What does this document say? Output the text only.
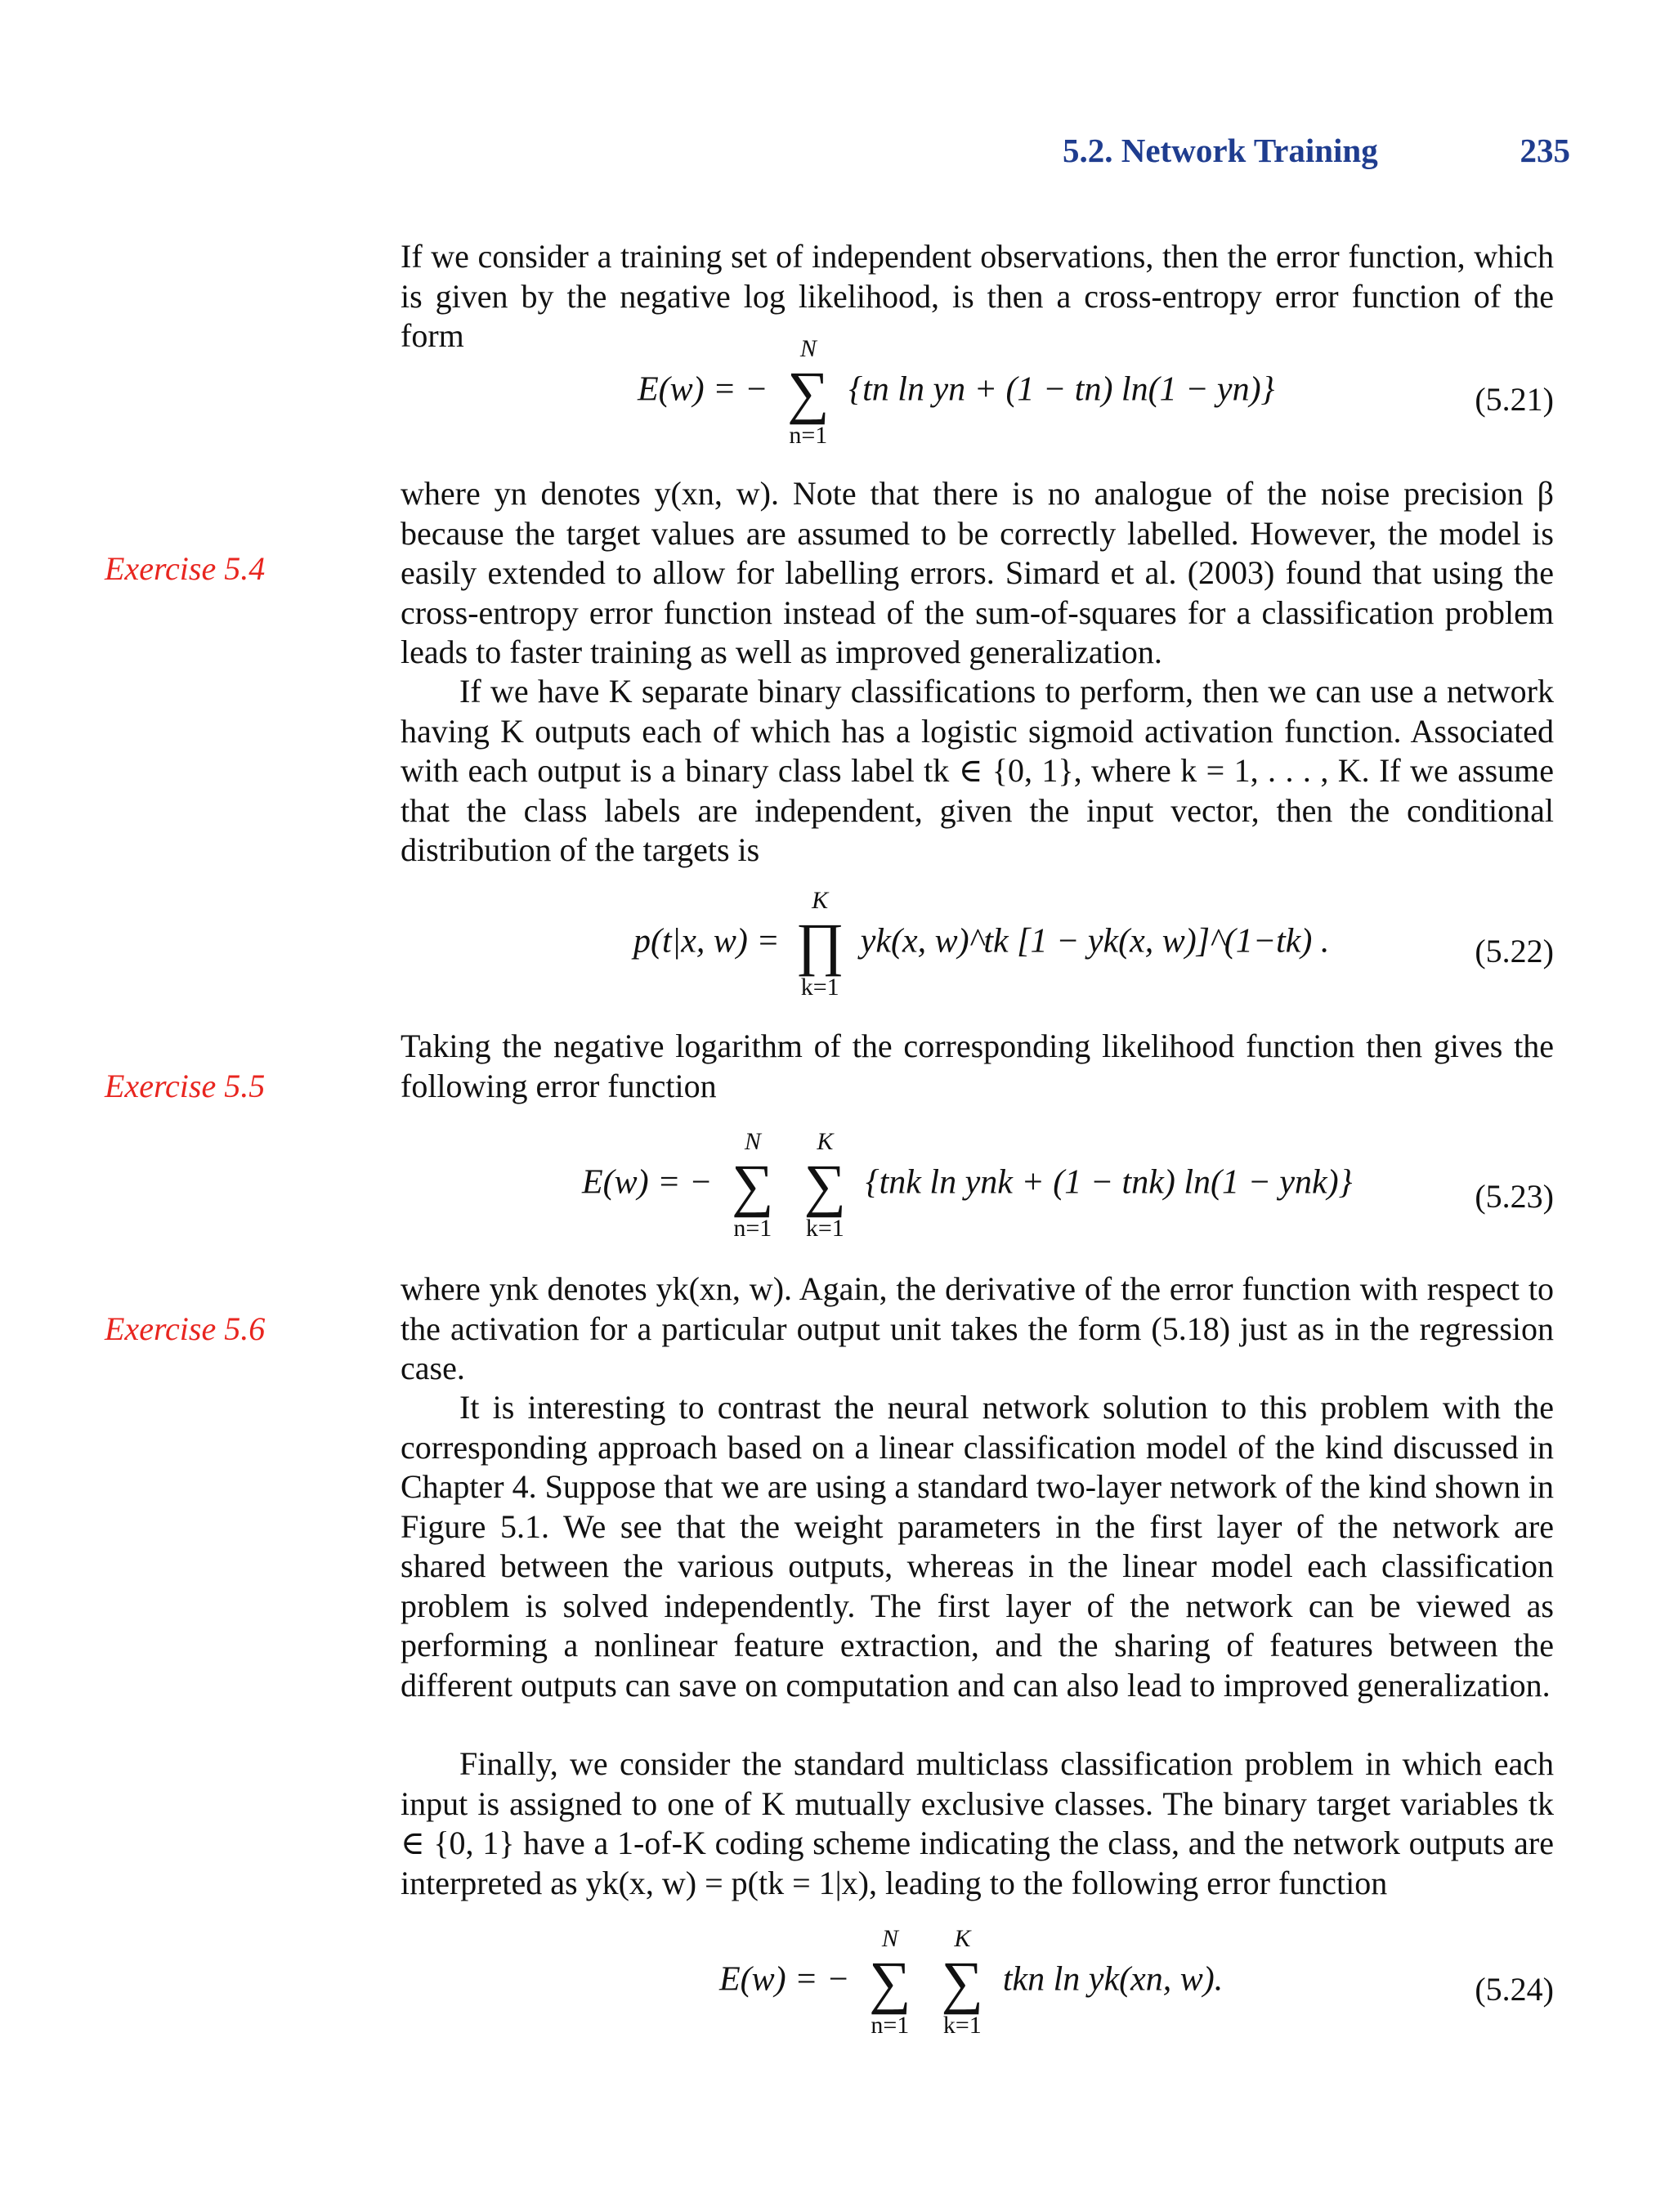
5.2. Network Training	235
Exercise 5.4
Exercise 5.5
Exercise 5.6

If we consider a training set of independent observations, then the error function, which is given by the negative log likelihood, is then a cross-entropy error function of the form

E(w) = −
N
∑
n=1
{tn ln yn + (1 − tn) ln(1 − yn)}	(5.21)

where yn denotes y(xn, w). Note that there is no analogue of the noise precision β because the target values are assumed to be correctly labelled. However, the model is easily extended to allow for labelling errors. Simard et al. (2003) found that using the cross-entropy error function instead of the sum-of-squares for a classification problem leads to faster training as well as improved generalization.

If we have K separate binary classifications to perform, then we can use a network having K outputs each of which has a logistic sigmoid activation function. Associated with each output is a binary class label tk ∈ {0, 1}, where k = 1, . . . , K. If we assume that the class labels are independent, given the input vector, then the conditional distribution of the targets is

p(t|x, w) =
K
∏
k=1
yk(x, w)^tk [1 − yk(x, w)]^(1−tk) .	(5.22)

Taking the negative logarithm of the corresponding likelihood function then gives the following error function

E(w) = −
N
∑
n=1

K
∑
k=1
{tnk ln ynk + (1 − tnk) ln(1 − ynk)}	(5.23)

where ynk denotes yk(xn, w). Again, the derivative of the error function with respect to the activation for a particular output unit takes the form (5.18) just as in the regression case.

It is interesting to contrast the neural network solution to this problem with the corresponding approach based on a linear classification model of the kind discussed in Chapter 4. Suppose that we are using a standard two-layer network of the kind shown in Figure 5.1. We see that the weight parameters in the first layer of the network are shared between the various outputs, whereas in the linear model each classification problem is solved independently. The first layer of the network can be viewed as performing a nonlinear feature extraction, and the sharing of features between the different outputs can save on computation and can also lead to improved generalization.

Finally, we consider the standard multiclass classification problem in which each input is assigned to one of K mutually exclusive classes. The binary target variables tk ∈ {0, 1} have a 1-of-K coding scheme indicating the class, and the network outputs are interpreted as yk(x, w) = p(tk = 1|x), leading to the following error function

E(w) = −
N
∑
n=1

K
∑
k=1
tkn ln yk(xn, w).	(5.24)
